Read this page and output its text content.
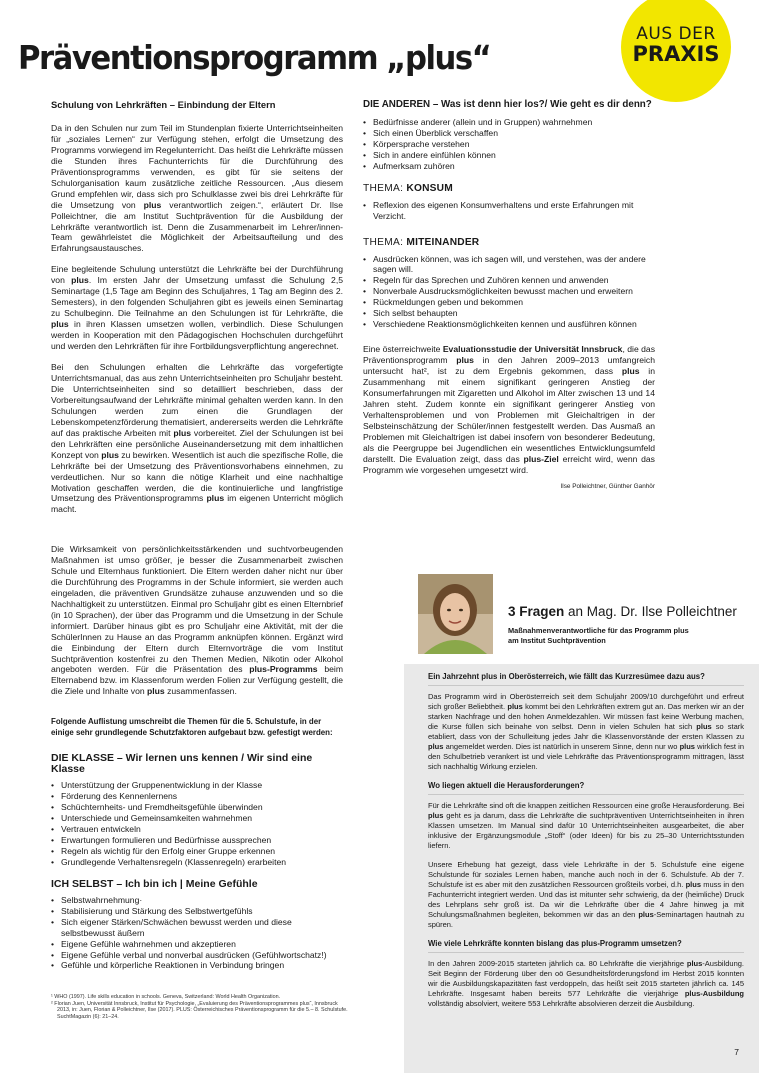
Präventionsprogramm „plus“
AUS DER
PRAXIS
Schulung von Lehrkräften – Einbindung der Eltern

Da in den Schulen nur zum Teil im Stundenplan fixierte Unterrichtseinheiten für „soziales Lernen“ zur Verfügung stehen, erfolgt die Umsetzung des Programms vorwiegend im Regelunterricht. Das heißt die Lehrkräfte müssen die Stunden ihres Fachunterrichts für die Durchführung des Präventionsprogramms verwenden, es gibt für sie seitens der Schulorganisation kaum zusätzliche zeitliche Ressourcen. „Aus diesem Grund empfehlen wir, dass sich pro Schulklasse zwei bis drei Lehrkräfte für die Umsetzung von plus verantwortlich zeigen.“, erläutert Dr. Ilse Polleichtner, die am Institut Suchtprävention für die Ausbildung der Lehrkräfte verantwortlich ist. Denn die Zusammenarbeit im Lehrer/innen-Team gewährleistet die Möglichkeit der Arbeitsaufteilung und des Erfahrungsaustausches.

Eine begleitende Schulung unterstützt die Lehrkräfte bei der Durchführung von plus. Im ersten Jahr der Umsetzung umfasst die Schulung 2,5 Seminartage (1,5 Tage am Beginn des Schuljahres, 1 Tag am Beginn des 2. Semesters), in den folgenden Schuljahren gibt es jeweils einen Seminartag zu Schulbeginn. Die Teilnahme an den Schulungen ist für Lehrkräfte, die plus in ihren Klassen umsetzen wollen, verbindlich. Diese Schulungen werden in Kooperation mit den Pädagogischen Hochschulen durchgeführt und werden den Lehrkräften für ihre Fortbildungsverpflichtung angerechnet.

Bei den Schulungen erhalten die Lehrkräfte das vorgefertigte Unterrichtsmanual, das aus zehn Unterrichtseinheiten pro Schuljahr besteht. Die Unterrichtseinheiten sind so detailliert beschrieben, dass der Vorbereitungsaufwand der Lehrkräfte minimal gehalten werden kann. In den Schulungen werden zum einen die Grundlagen der Lebenskompetenzförderung thematisiert, andererseits werden die Lehrkräfte auf das praktische Arbeiten mit plus vorbereitet. Ziel der Schulungen ist bei den Lehrkräften eine persönliche Auseinandersetzung mit dem inhaltlichen Konzept von plus zu bewirken. Wesentlich ist auch die spezifische Rolle, die Lehrkräfte bei der Umsetzung des Präventionsvorhabens einnehmen, zu verdeutlichen. Nur so kann die nötige Klarheit und eine nachhaltige Motivation geschaffen werden, die die kontinuierliche und langfristige Umsetzung des Präventionsprogramms plus im eigenen Unterricht möglich macht.

Die Wirksamkeit von persönlichkeitsstärkenden und suchtvorbeugenden Maßnahmen ist umso größer, je besser die Zusammenarbeit zwischen Schule und Elternhaus funktioniert. Die Eltern werden daher nicht nur über die Durchführung des Programms in der Schule informiert, sie werden auch eingeladen, die präventiven Grundsätze zuhause anzuwenden und so die Nachhaltigkeit zu unterstützen. Einmal pro Schuljahr gibt es einen Elternbrief (in 10 Sprachen), der über das Programm und die Umsetzung in der Schule informiert. Darüber hinaus gibt es pro Schuljahr eine Aktivität, mit der die SchülerInnen zu Hause an das Programm anknüpfen können. Ergänzt wird die Einbindung der Eltern durch Elternvorträge die vom Institut Suchtprävention kostenfrei zu den Themen Medien, Nikotin oder Alkohol angeboten werden. Für die Präsentation des plus-Programms beim Elternabend bzw. im Klassenforum werden Folien zur Verfügung gestellt, die die Ziele und Inhalte von plus zusammenfassen.

Folgende Auflistung umschreibt die Themen für die 5. Schulstufe, in der einige sehr grundlegende Schutzfaktoren aufgebaut bzw. gefestigt werden:

DIE KLASSE – Wir lernen uns kennen / Wir sind eine Klasse
• Unterstützung der Gruppenentwicklung in der Klasse
• Förderung des Kennenlernens
• Schüchternheits- und Fremdheitsgefühle überwinden
• Unterschiede und Gemeinsamkeiten wahrnehmen
• Vertrauen entwickeln
• Erwartungen formulieren und Bedürfnisse aussprechen
• Regeln als wichtig für den Erfolg einer Gruppe erkennen
• Grundlegende Verhaltensregeln (Klassenregeln) erarbeiten
ICH SELBST – Ich bin ich | Meine Gefühle
• Selbstwahrnehmung·
• Stabilisierung und Stärkung des Selbstwertgefühls
• Sich eigener Stärken/Schwächen bewusst werden und diese selbstbewusst äußern
• Eigene Gefühle wahrnehmen und akzeptieren
• Eigene Gefühle verbal und nonverbal ausdrücken (Gefühlwortschatz!)
• Gefühle und körperliche Reaktionen in Verbindung bringen
¹ WHO (1997). Life skills education in schools. Geneva, Switzerland: World Health Organization.
² Florian Juen, Universität Innsbruck, Institut für Psychologie, „Evaluierung des Präventionsprogrammes plus“, Innsbruck 2013, in: Juen, Florian & Polleichtner, Ilse (2017). PLUS: Österreichisches Präventionsprogramm für die 5.– 8. Schulstufe. SuchtMagazin (6): 21–24.
DIE ANDEREN – Was ist denn hier los?/ Wie geht es dir denn?
• Bedürfnisse anderer (allein und in Gruppen) wahrnehmen
• Sich einen Überblick verschaffen
• Körpersprache verstehen
• Sich in andere einfühlen können
• Aufmerksam zuhören
THEMA: KONSUM
• Reflexion des eigenen Konsumverhaltens und erste Erfahrungen mit Verzicht.
THEMA: MITEINANDER
• Ausdrücken können, was ich sagen will, und verstehen, was der andere sagen will.
• Regeln für das Sprechen und Zuhören kennen und anwenden
• Nonverbale Ausdrucksmöglichkeiten bewusst machen und erweitern
• Rückmeldungen geben und bekommen
• Sich selbst behaupten
• Verschiedene Reaktionsmöglichkeiten kennen und ausführen können

Eine österreichweite Evaluationsstudie der Universität Innsbruck, die das Präventionsprogramm plus in den Jahren 2009–2013 umfangreich untersucht hat², ist zu dem Ergebnis gekommen, dass plus in Zusammenhang mit einem signifikant geringeren Anstieg der Konsumerfahrungen mit Zigaretten und Alkohol im Alter zwischen 13 und 14 Jahren steht. Zudem konnte ein signifikant geringerer Anstieg von Verhaltensproblemen und von Problemen mit Gleichaltrigen in der Selbsteinschätzung der Schüler/innen festgestellt werden. Das Ausmaß an Problemen mit Gleichaltrigen ist dabei insofern von besonderer Bedeutung, als die Peergruppe bei Jugendlichen ein wesentliches Entwicklungsumfeld darstellt. Die Evaluation zeigt, dass das plus-Ziel erreicht wird, wenn das Programm wie vorgesehen umgesetzt wird.

Ilse Polleichtner, Günther Ganhör
3 Fragen an Mag. Dr. Ilse Polleichtner
Maßnahmenverantwortliche für das Programm plus
am Institut Suchtprävention
Ein Jahrzehnt plus in Oberösterreich, wie fällt das Kurzresümee dazu aus?

Das Programm wird in Oberösterreich seit dem Schuljahr 2009/10 durchgeführt und erfreut sich großer Beliebtheit. plus kommt bei den Lehrkräften extrem gut an. Das merken wir an der starken Nachfrage und den hohen Anmeldezahlen. Wir müssen fast keine Werbung machen, die Kurse füllen sich beinahe von selbst. Denn in vielen Schulen hat sich plus so stark etabliert, dass von der Schulleitung jedes Jahr die Klassenvorstände der ersten Klassen zu plus angemeldet werden. Dies ist natürlich in unserem Sinne, denn nur wo plus wirklich fest in den Schulbetrieb verankert ist und viele Lehrkräfte das Präventionsprogramm mittragen, lässt sich nachhaltig Wirkung erzielen.

Wo liegen aktuell die Herausforderungen?

Für die Lehrkräfte sind oft die knappen zeitlichen Ressourcen eine große Herausforderung. Bei plus geht es ja darum, dass die Lehrkräfte die suchtpräventiven Unterrichtseinheiten in ihren Klassen umsetzen. Im Manual sind dafür 10 Unterrichtseinheiten ausgearbeitet, die aber inklusive der Ergänzungsmodule „Stoff“ (oder Ideen) für bis zu 25–30 Unterrichtsstunden liefern.

Unsere Erhebung hat gezeigt, dass viele Lehrkräfte in der 5. Schulstufe eine eigene Schulstunde für soziales Lernen haben, manche auch noch in der 6. Schulstufe. Ab der 7. Schulstufe ist es aber mit den zusätzlichen Ressourcen großteils vorbei, d.h. plus muss in den Fachunterricht integriert werden. Und das ist mitunter sehr schwierig, da der (heimliche) Druck des Lehrplans sehr groß ist. Da wir die Lehrkräfte über die 4 Jahre hinweg ja mit Schulungsmaßnahmen begleiten, bekommen wir das an den plus-Seminartagen hautnah zu spüren.

Wie viele Lehrkräfte konnten bislang das plus-Programm umsetzen?

In den Jahren 2009-2015 starteten jährlich ca. 80 Lehrkräfte die vierjährige plus-Ausbildung. Seit Beginn der Förderung über den oö Gesundheitsförderungsfond im Herbst 2015 konnten wir die Ausbildungskapazitäten fast verdoppeln, das heißt seit 2015 starteten jährlich ca. 145 Lehrkräfte. Insgesamt haben bereits 577 Lehrkräfte die vierjährige plus-Ausbildung vollständig absolviert, weitere 553 Lehrkräfte absolvieren derzeit die Ausbildung.

7
